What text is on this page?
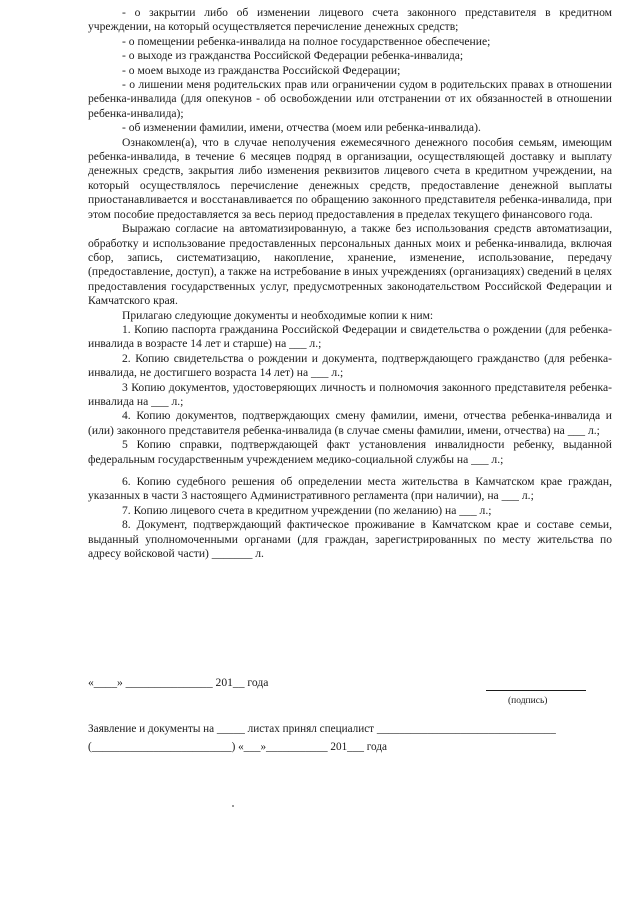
- о закрытии либо об изменении лицевого счета законного представителя в кредитном учреждении, на который осуществляется перечисление денежных средств;

- о помещении ребенка-инвалида на полное государственное обеспечение;

- о выходе из гражданства Российской Федерации ребенка-инвалида;

- о моем выходе из гражданства Российской Федерации;

- о лишении меня родительских прав или ограничении судом в родительских правах в отношении ребенка-инвалида (для опекунов - об освобождении или отстранении от их обязанностей в отношении ребенка-инвалида);

- об изменении фамилии, имени, отчества (моем или ребенка-инвалида).

Ознакомлен(а), что в случае неполучения ежемесячного денежного пособия семьям, имеющим ребенка-инвалида, в течение 6 месяцев подряд в организации, осуществляющей доставку и выплату денежных средств, закрытия либо изменения реквизитов лицевого счета в кредитном учреждении, на который осуществлялось перечисление денежных средств, предоставление денежной выплаты приостанавливается и восстанавливается по обращению законного представителя ребенка-инвалида, при этом пособие предоставляется за весь период предоставления в пределах текущего финансового года.

Выражаю согласие на автоматизированную, а также без использования средств автоматизации, обработку и использование предоставленных персональных данных моих и ребенка-инвалида, включая сбор, запись, систематизацию, накопление, хранение, изменение, использование, передачу (предоставление, доступ), а также на истребование в иных учреждениях (организациях) сведений в целях предоставления государственных услуг, предусмотренных законодательством Российской Федерации и Камчатского края.

Прилагаю следующие документы и необходимые копии к ним:

1. Копию паспорта гражданина Российской Федерации и свидетельства о рождении (для ребенка-инвалида в возрасте 14 лет и старше) на ___ л.;

2. Копию свидетельства о рождении и документа, подтверждающего гражданство (для ребенка-инвалида, не достигшего возраста 14 лет) на ___ л.;

3 Копию документов, удостоверяющих личность и полномочия законного представителя ребенка-инвалида на ___ л.;

4. Копию документов, подтверждающих смену фамилии, имени, отчества ребенка-инвалида и (или) законного представителя ребенка-инвалида (в случае смены фамилии, имени, отчества) на ___ л.;

5 Копию справки, подтверждающей факт установления инвалидности ребенку, выданной федеральным государственным учреждением медико-социальной службы на ___ л.;

6. Копию судебного решения об определении места жительства в Камчатском крае граждан, указанных в части 3 настоящего Административного регламента (при наличии), на ___ л.;

7. Копию лицевого счета в кредитном учреждении (по желанию) на ___ л.;

8. Документ, подтверждающий фактическое проживание в Камчатском крае и составе семьи, выданный уполномоченными органами (для граждан, зарегистрированных по месту жительства по адресу войсковой части) _______ л.

«____» _______________ 201__ года
(подпись)
Заявление и документы на _____ листах принял специалист ________________________________
(_________________________) «___»___________ 201___ года
